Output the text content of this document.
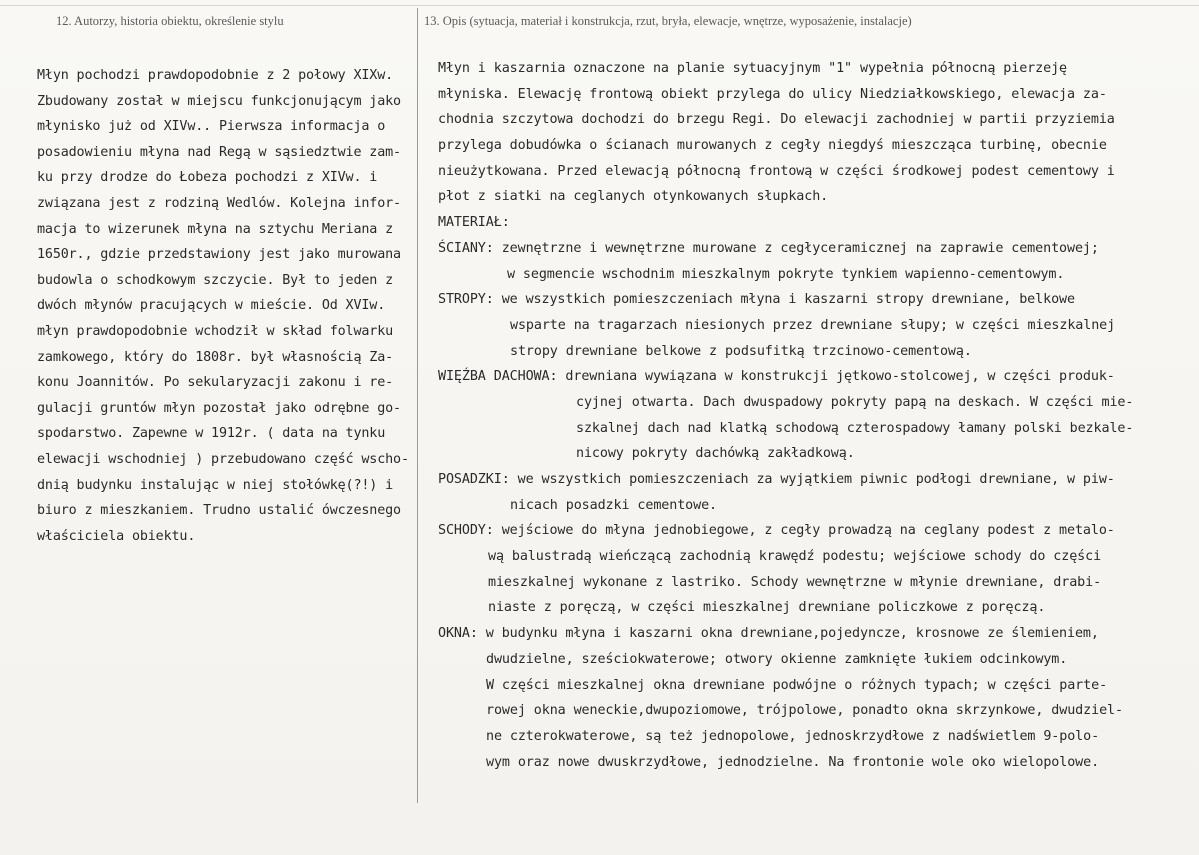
12. Autorzy, historia obiektu, określenie stylu	13. Opis (sytuacja, materiał i konstrukcja, rzut, bryła, elewacje, wnętrze, wyposażenie, instalacje)
Młyn pochodzi prawdopodobnie z 2 połowy XIXw.
Zbudowany został w miejscu funkcjonującym jako
młynisko już od XIVw.. Pierwsza informacja o
posadowieniu młyna nad Regą w sąsiedztwie zam-
ku przy drodze do Łobeza pochodzi z XIVw. i
związana jest z rodziną Wedlów. Kolejna infor-
macja to wizerunek młyna na sztychu Meriana z
1650r., gdzie przedstawiony jest jako murowana
budowla o schodkowym szczycie. Był to jeden z
dwóch młynów pracujących w mieście. Od XVIw.
młyn prawdopodobnie wchodził w skład folwarku
zamkowego, który do 1808r. był własnością Za-
konu Joannitów. Po sekularyzacji zakonu i re-
gulacji gruntów młyn pozostał jako odrębne go-
spodarstwo. Zapewne w 1912r. ( data na tynku
elewacji wschodniej ) przebudowano część wscho-
dnią budynku instalując w niej stołówkę(?!) i
biuro z mieszkaniem. Trudno ustalić ówczesnego
właściciela obiektu.
Młyn i kaszarnia oznaczone na planie sytuacyjnym "1" wypełnia północną pierzeję
młyniska. Elewację frontową obiekt przylega do ulicy Niedziałkowskiego, elewacja za-
chodnia szczytowa dochodzi do brzegu Regi. Do elewacji zachodniej w partii przyziemia
przylega dobudówka o ścianach murowanych z cegły niegdyś mieszcząca turbinę, obecnie
nieużytkowana. Przed elewacją północną frontową w części środkowej podest cementowy i
płot z siatki na ceglanych otynkowanych słupkach.
MATERIAŁ:
ŚCIANY: zewnętrzne i wewnętrzne murowane z cegłyceramicznej na zaprawie cementowej;
w segmencie wschodnim mieszkalnym pokryte tynkiem wapienno-cementowym.
STROPY: we wszystkich pomieszczeniach młyna i kaszarni stropy drewniane, belkowe
wsparte na tragarzach niesionych przez drewniane słupy; w części mieszkalnej
stropy drewniane belkowe z podsufitką trzcinowo-cementową.
WIĘŹBA DACHOWA: drewniana wywiązana w konstrukcji jętkowo-stolcowej, w części produk-
cyjnej otwarta. Dach dwuspadowy pokryty papą na deskach. W części mie-
szkalnej dach nad klatką schodową czterospadowy łamany polski bezkale-
nicowy pokryty dachówką zakładkową.
POSADZKI: we wszystkich pomieszczeniach za wyjątkiem piwnic podłogi drewniane, w piw-
nicach posadzki cementowe.
SCHODY: wejściowe do młyna jednobiegowe, z cegły prowadzą na ceglany podest z metalo-
wą balustradą wieńczącą zachodnią krawędź podestu; wejściowe schody do części
mieszkalnej wykonane z lastriko. Schody wewnętrzne w młynie drewniane, drabi-
niaste z poręczą, w części mieszkalnej drewniane policzkowe z poręczą.
OKNA: w budynku młyna i kaszarni okna drewniane,pojedyncze, krosnowe ze ślemieniem,
dwudzielne, sześciokwaterowe; otwory okienne zamknięte łukiem odcinkowym.
W części mieszkalnej okna drewniane podwójne o różnych typach; w części parte-
rowej okna weneckie,dwupoziomowe, trójpolowe, ponadto okna skrzynkowe, dwudziel-
ne czterokwaterowe, są też jednopolowe, jednoskrzydłowe z nadświetlem 9-polo-
wym oraz nowe dwuskrzydłowe, jednodzielne. Na frontonie wole oko wielopolowe.
